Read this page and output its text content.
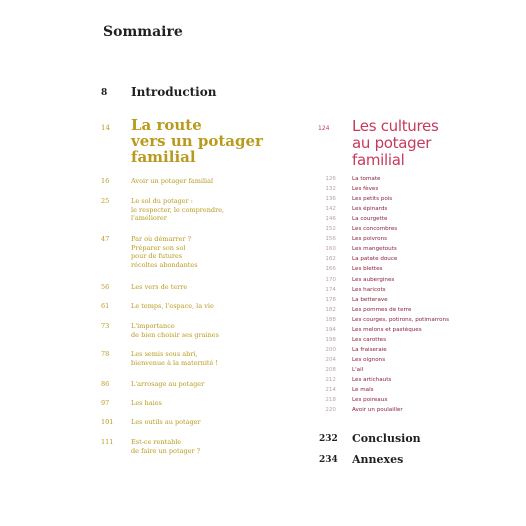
Sommaire
8 Introduction
14 La route
vers un potager
familial
16	Avoir un potager familial
25	Le sol du potager :
le respecter, le comprendre,
l'améliorer
47	Par où démarrer ?
Préparer son sol
pour de futures
récoltes abondantes
56	Les vers de terre
61	Le temps, l'espace, la vie
73	L'importance
de bien choisir ses graines
78	Les semis sous abri,
bienvenue à la maternité !
86	L'arrosage au potager
97	Les haies
101	Les outils au potager
111	Est-ce rentable
de faire un potager ?
124 Les cultures
au potager
familial
126	La tomate
132	Les fèves
136	Les petits pois
142	Les épinards
146	La courgette
152	Les concombres
156	Les poivrons
160	Les mangetouts
162	La patate douce
166	Les blettes
170	Les aubergines
174	Les haricots
178	La betterave
182	Les pommes de terre
188	Les courges, potirons, potimarrons
194	Les melons et pastèques
198	Les carottes
200	La fraiseraie
204	Les oignons
208	L'ail
212	Les artichauts
214	Le maïs
218	Les poireaux
220	Avoir un poulailler
232 Conclusion
234 Annexes
